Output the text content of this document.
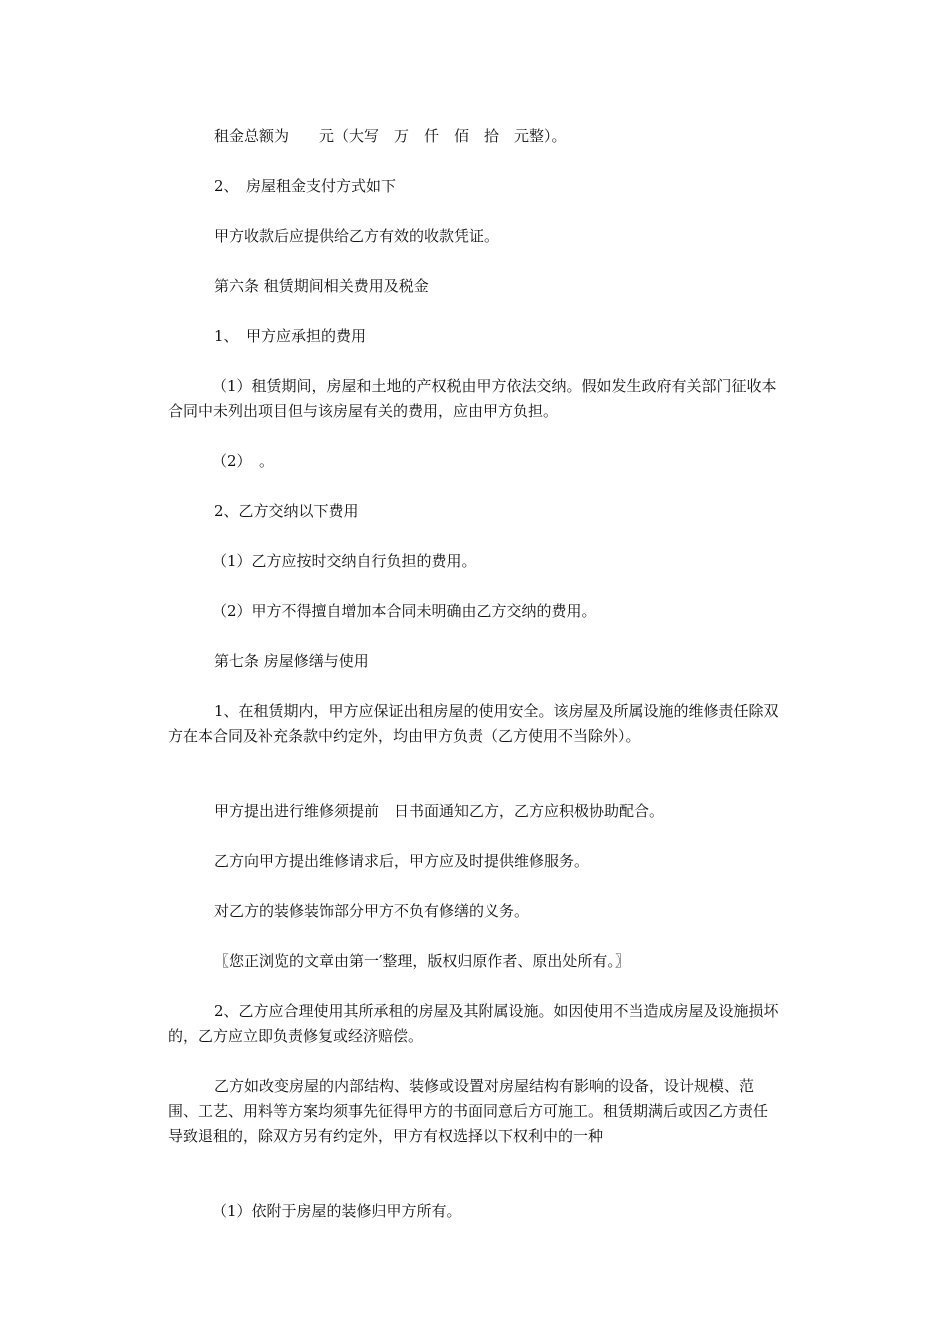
租金总额为　　元（大写　万　仟　佰　拾　元整）。

2、　房屋租金支付方式如下

甲方收款后应提供给乙方有效的收款凭证。

第六条 租赁期间相关费用及税金

1、　甲方应承担的费用

（1）租赁期间，房屋和土地的产权税由甲方依法交纳。假如发生政府有关部门征收本合同中未列出项目但与该房屋有关的费用，应由甲方负担。

（2）　。

2、乙方交纳以下费用

（1）乙方应按时交纳自行负担的费用。

（2）甲方不得擅自增加本合同未明确由乙方交纳的费用。

第七条 房屋修缮与使用

1、在租赁期内，甲方应保证出租房屋的使用安全。该房屋及所属设施的维修责任除双方在本合同及补充条款中约定外，均由甲方负责（乙方使用不当除外）。

甲方提出进行维修须提前　日书面通知乙方，乙方应积极协助配合。

乙方向甲方提出维修请求后，甲方应及时提供维修服务。

对乙方的装修装饰部分甲方不负有修缮的义务。

〖您正浏览的文章由第一′整理，版权归原作者、原出处所有。〗

2、乙方应合理使用其所承租的房屋及其附属设施。如因使用不当造成房屋及设施损坏的，乙方应立即负责修复或经济赔偿。

乙方如改变房屋的内部结构、装修或设置对房屋结构有影响的设备，设计规模、范围、工艺、用料等方案均须事先征得甲方的书面同意后方可施工。租赁期满后或因乙方责任导致退租的，除双方另有约定外，甲方有权选择以下权利中的一种

（1）依附于房屋的装修归甲方所有。
